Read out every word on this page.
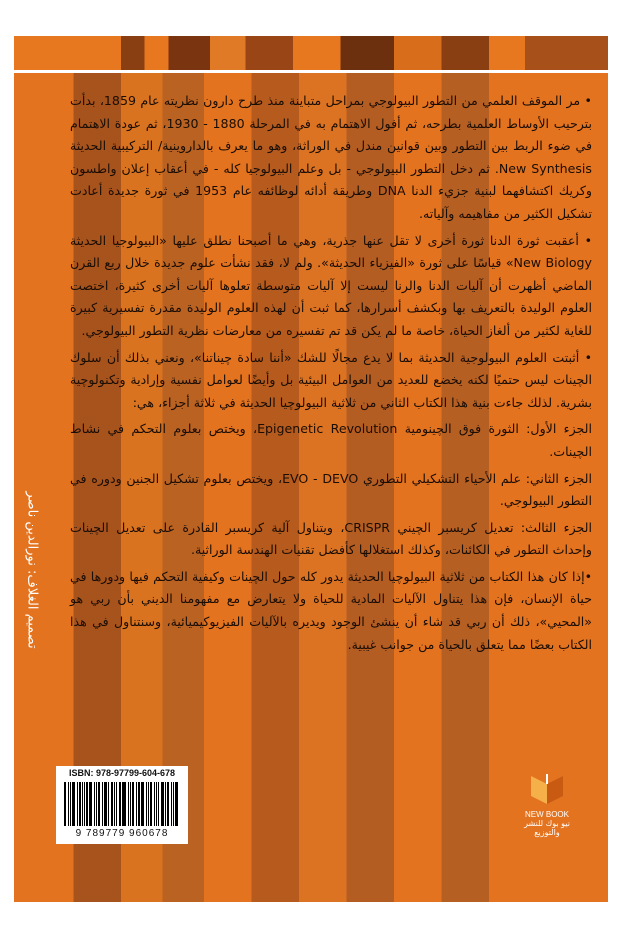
• مر الموقف العلمي من التطور البيولوجي بمراحل متباينة منذ طرح دارون نظريته عام 1859، بدأت بترحيب الأوساط العلمية بطرحه، ثم أفول الاهتمام به في المرحلة 1880 - 1930، ثم عودة الاهتمام في ضوء الربط بين التطور وبين قوانين مندل في الوراثة، وهو ما يعرف بالداروينية/ التركيبية الحديثة New Synthesis. ثم دخل التطور البيولوجي - بل وعلم البيولوجيا كله - في أعقاب إعلان واطسون وكريك اكتشافهما لبنية جزيء الدنا DNA وطريقة أدائه لوظائفه عام 1953 في ثورة جديدة أعادت تشكيل الكثير من مفاهيمه وآلياته.

• أعقبت ثورة الدنا ثورة أخرى لا تقل عنها جذرية، وهي ما أصبحنا نطلق عليها «البيولوجيا الحديثة New Biology» قياسًا على ثورة «الفيزياء الحديثة». ولم لا، فقد نشأت علوم جديدة خلال ربع القرن الماضي أظهرت أن آليات الدنا والرنا ليست إلا آليات متوسطة تعلوها آليات أخرى كثيرة، اختصت العلوم الوليدة بالتعريف بها وبكشف أسرارها، كما ثبت أن لهذه العلوم الوليدة مقدرة تفسيرية كبيرة للغاية لكثير من ألغاز الحياة، خاصة ما لم يكن قد تم تفسيره من معارضات نظرية التطور البيولوجي.

• أثبتت العلوم البيولوجية الحديثة بما لا يدع مجالًا للشك «أننا سادة چيناتنا»، ونعني بذلك أن سلوك الچينات ليس حتميًا لكنه يخضع للعديد من العوامل البيئية بل وأيضًا لعوامل نفسية وإرادية وتكنولوچية بشرية. لذلك جاءت بنية هذا الكتاب الثاني من ثلاثية البيولوچيا الحديثة في ثلاثة أجزاء، هي:

الجزء الأول: الثورة فوق الچينومية Epigenetic Revolution، ويختص بعلوم التحكم في نشاط الچينات.

الجزء الثاني: علم الأحياء التشكيلي التطوري EVO - DEVO، ويختص بعلوم تشكيل الجنين ودوره في التطور البيولوجي.

الجزء الثالث: تعديل كريسبر الچيني CRISPR، ويتناول آلية كريسبر القادرة على تعديل الچينات وإحداث التطور في الكائنات، وكذلك استغلالها كأفضل تقنيات الهندسة الوراثية.

•إذا كان هذا الكتاب من ثلاثية البيولوچيا الحديثة يدور كله حول الچينات وكيفية التحكم فيها ودورها في حياة الإنسان، فإن هذا يتناول الآليات المادية للحياة ولا يتعارض مع مفهومنا الديني بأن ربي هو «المحيي»، ذلك أن ربي قد شاء أن ينشئ الوجود ويديره بالآليات الفيزيوكيميائية، وسنتناول في هذا الكتاب بعضًا مما يتعلق بالحياة من جوانب غيبية.

تصميم الغلاف: نورالدين ناصر
ISBN: 978-97799-604-678
9 789779 960678
NEW BOOK
نيو بوك للنشر والتوزيع
